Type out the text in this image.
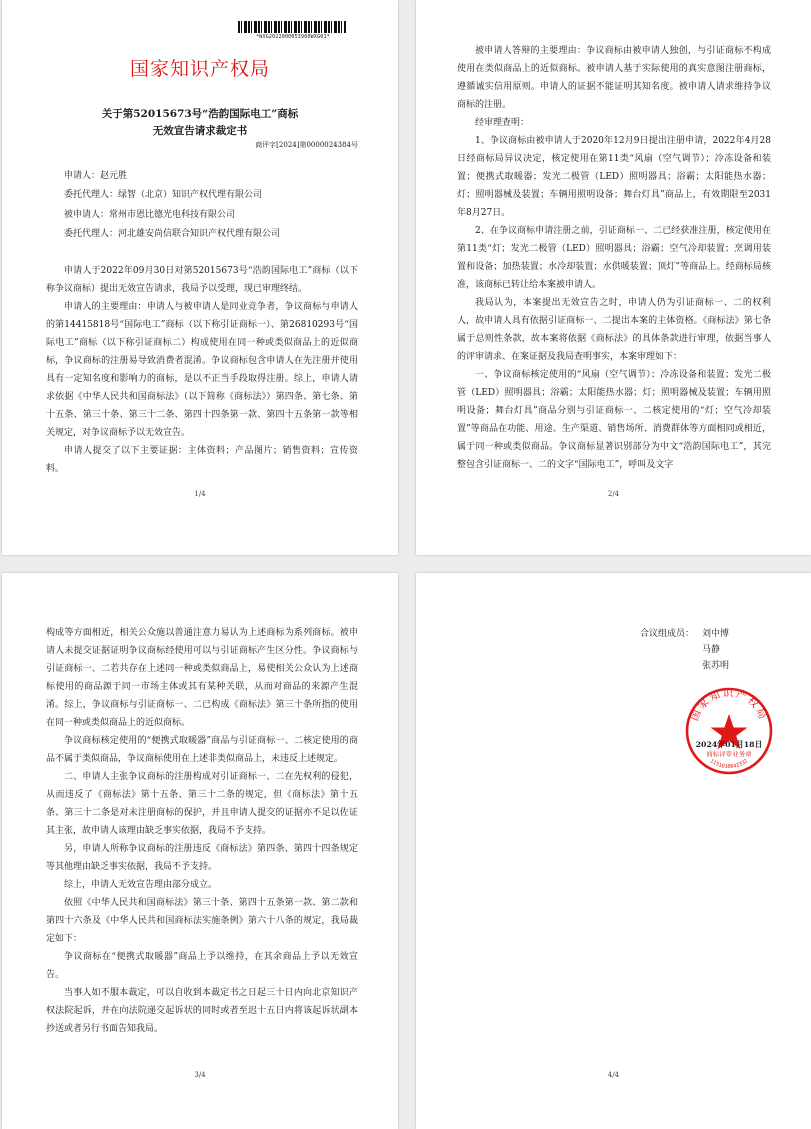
*WXG2022000053960WXG01*
国家知识产权局
关于第52015673号“浩韵国际电工”商标
无效宣告请求裁定书
商评字[2024]第0000024384号
申请人：赵元胜
委托代理人：绿智（北京）知识产权代理有限公司
被申请人：常州市恩比德光电科技有限公司
委托代理人：河北雄安尚信联合知识产权代理有限公司

申请人于2022年09月30日对第52015673号“浩韵国际电工”商标（以下称争议商标）提出无效宣告请求，我局予以受理，现已审理终结。

申请人的主要理由：申请人与被申请人是同业竞争者，争议商标与申请人的第14415818号“国际电工”商标（以下称引证商标一）、第26810293号“国际电工”商标（以下称引证商标二）构成使用在同一种或类似商品上的近似商标，争议商标的注册易导致消费者混淆。争议商标包含申请人在先注册并使用具有一定知名度和影响力的商标，是以不正当手段取得注册。综上，申请人请求依据《中华人民共和国商标法》（以下简称《商标法》）第四条、第七条、第十五条、第三十条、第三十二条、第四十四条第一款、第四十五条第一款等相关规定，对争议商标予以无效宣告。

申请人提交了以下主要证据：主体资料；产品图片；销售资料；宣传资料。

1/4

被申请人答辩的主要理由：争议商标由被申请人独创，与引证商标不构成使用在类似商品上的近似商标。被申请人基于实际使用的真实意图注册商标，遵循诚实信用原则。申请人的证据不能证明其知名度。被申请人请求维持争议商标的注册。

经审理查明：

1、争议商标由被申请人于2020年12月9日提出注册申请，2022年4月28日经商标局异议决定，核定使用在第11类“风扇（空气调节）；冷冻设备和装置；便携式取暖器；发光二极管（LED）照明器具；浴霸；太阳能热水器；灯；照明器械及装置；车辆用照明设备；舞台灯具”商品上，有效期限至2031年8月27日。

2、在争议商标申请注册之前，引证商标一、二已经获准注册，核定使用在第11类“灯；发光二极管（LED）照明器具；浴霸；空气冷却装置；烹调用装置和设备；加热装置；水冷却装置；水供暖装置；顶灯”等商品上。经商标局核准，该商标已转让给本案被申请人。

我局认为，本案提出无效宣告之时，申请人仍为引证商标一、二的权利人，故申请人具有依据引证商标一、二提出本案的主体资格。《商标法》第七条属于总则性条款，故本案将依据《商标法》的具体条款进行审理，依据当事人的评审请求、在案证据及我局查明事实，本案审理如下：

一、争议商标核定使用的“风扇（空气调节）；冷冻设备和装置；发光二极管（LED）照明器具；浴霸；太阳能热水器；灯；照明器械及装置；车辆用照明设备；舞台灯具”商品分别与引证商标一、二核定使用的“灯；空气冷却装置”等商品在功能、用途、生产渠道、销售场所、消费群体等方面相同或相近，属于同一种或类似商品。争议商标显著识别部分为中文“浩韵国际电工”，其完整包含引证商标一、二的文字“国际电工”，呼叫及文字

2/4

构成等方面相近，相关公众施以普通注意力易认为上述商标为系列商标。被申请人未提交证据证明争议商标经使用可以与引证商标产生区分性。争议商标与引证商标一、二若共存在上述同一种或类似商品上，易使相关公众认为上述商标使用的商品源于同一市场主体或其有某种关联，从而对商品的来源产生混淆。综上，争议商标与引证商标一、二已构成《商标法》第三十条所指的使用在同一种或类似商品上的近似商标。

争议商标核定使用的“便携式取暖器”商品与引证商标一、二核定使用的商品不属于类似商品，争议商标使用在上述非类似商品上，未违反上述规定。

二、申请人主张争议商标的注册构成对引证商标一、二在先权利的侵犯，从而违反了《商标法》第十五条、第三十二条的规定，但《商标法》第十五条、第三十二条是对未注册商标的保护，并且申请人提交的证据亦不足以佐证其主张，故申请人该理由缺乏事实依据，我局不予支持。

另，申请人所称争议商标的注册违反《商标法》第四条、第四十四条规定等其他理由缺乏事实依据，我局不予支持。

综上，申请人无效宣告理由部分成立。

依照《中华人民共和国商标法》第三十条、第四十五条第一款、第二款和第四十六条及《中华人民共和国商标法实施条例》第六十八条的规定，我局裁定如下：

争议商标在“便携式取暖器”商品上予以维持，在其余商品上予以无效宣告。

当事人如不服本裁定，可以自收到本裁定书之日起三十日内向北京知识产权法院起诉，并在向法院递交起诉状的同时或者至迟十五日内将该起诉状副本抄送或者另行书面告知我局。

3/4
合议组成员： 刘中博
马静
张苏明
国家知识产权局
2024年01月18日
商标评审业务章
1151010042332
4/4
